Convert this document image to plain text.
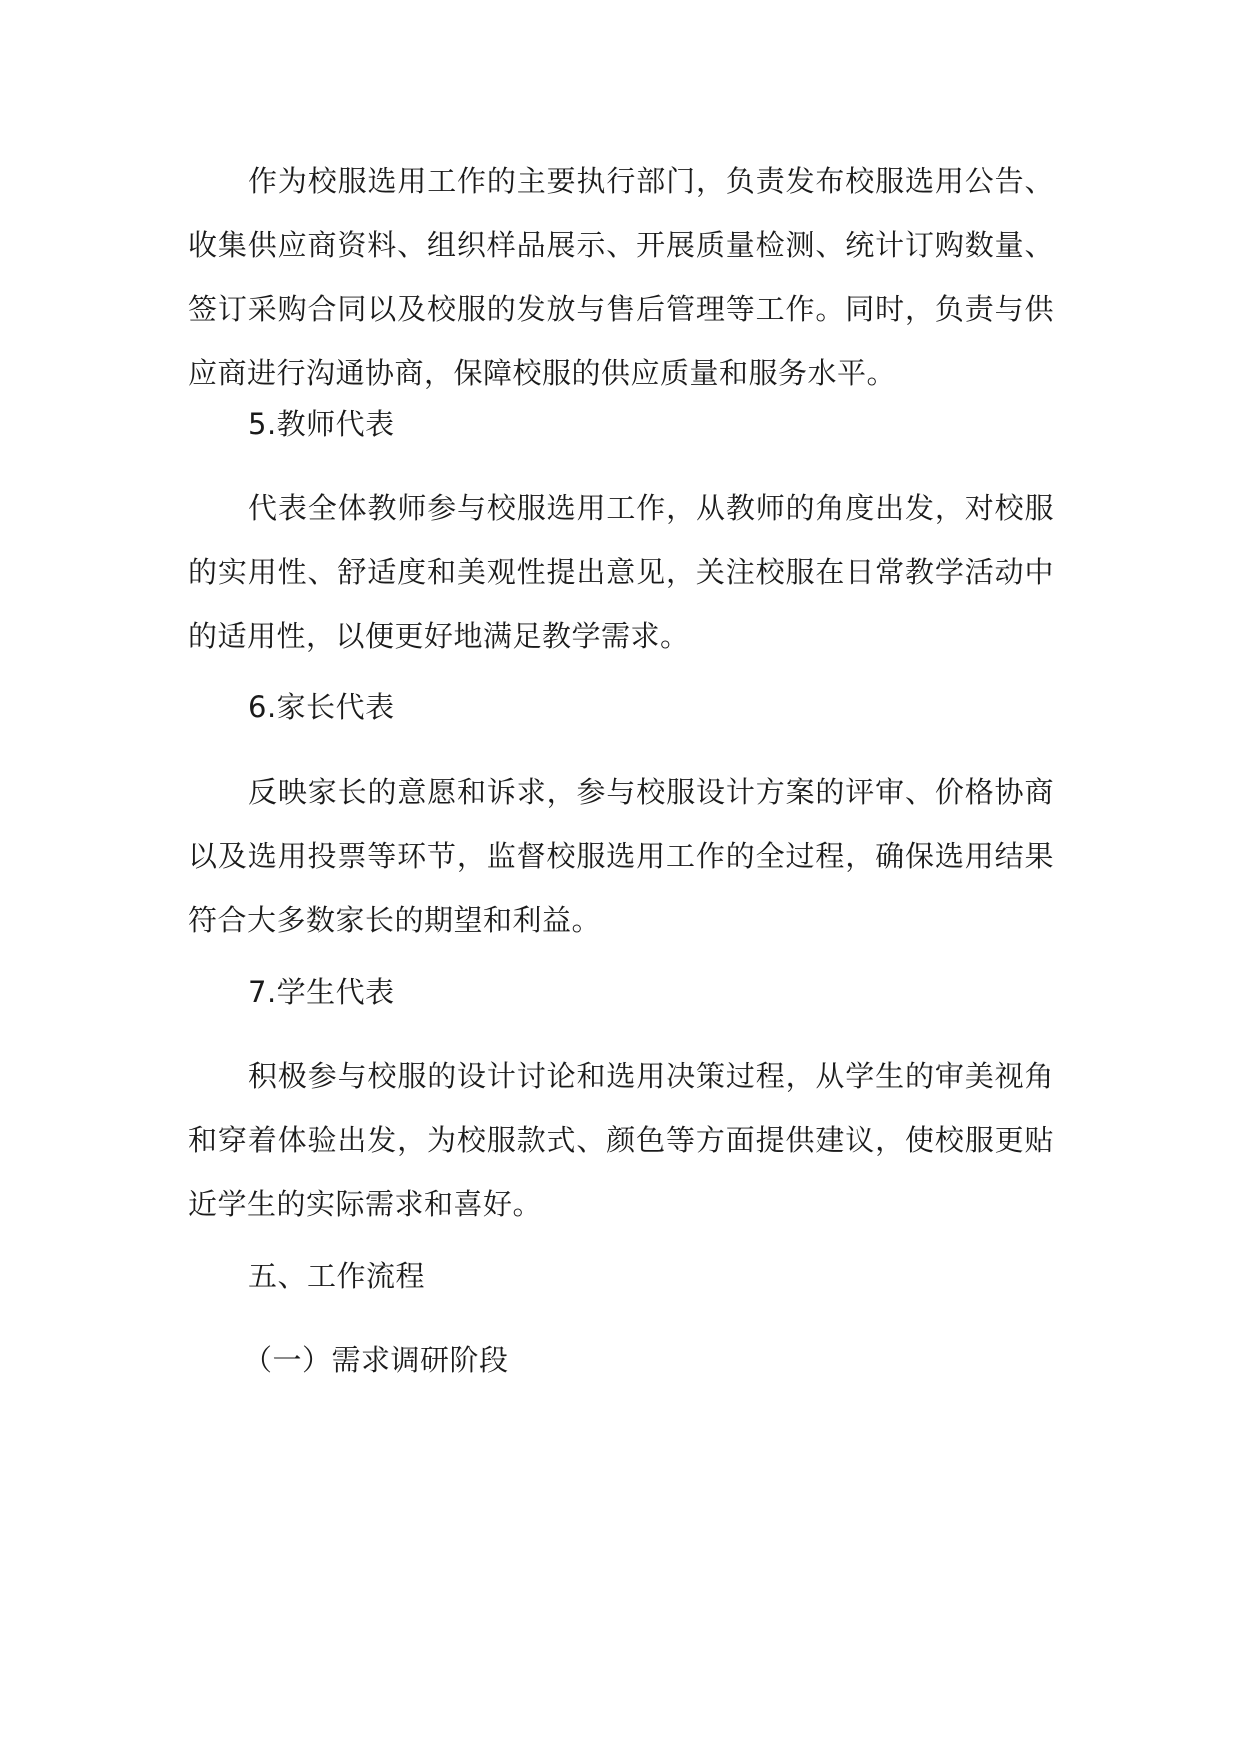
作为校服选用工作的主要执行部门，负责发布校服选用公告、收集供应商资料、组织样品展示、开展质量检测、统计订购数量、签订采购合同以及校服的发放与售后管理等工作。同时，负责与供应商进行沟通协商，保障校服的供应质量和服务水平。
5.教师代表
代表全体教师参与校服选用工作，从教师的角度出发，对校服的实用性、舒适度和美观性提出意见，关注校服在日常教学活动中的适用性，以便更好地满足教学需求。
6.家长代表
反映家长的意愿和诉求，参与校服设计方案的评审、价格协商以及选用投票等环节，监督校服选用工作的全过程，确保选用结果符合大多数家长的期望和利益。
7.学生代表
积极参与校服的设计讨论和选用决策过程，从学生的审美视角和穿着体验出发，为校服款式、颜色等方面提供建议，使校服更贴近学生的实际需求和喜好。
五、工作流程
（一）需求调研阶段
